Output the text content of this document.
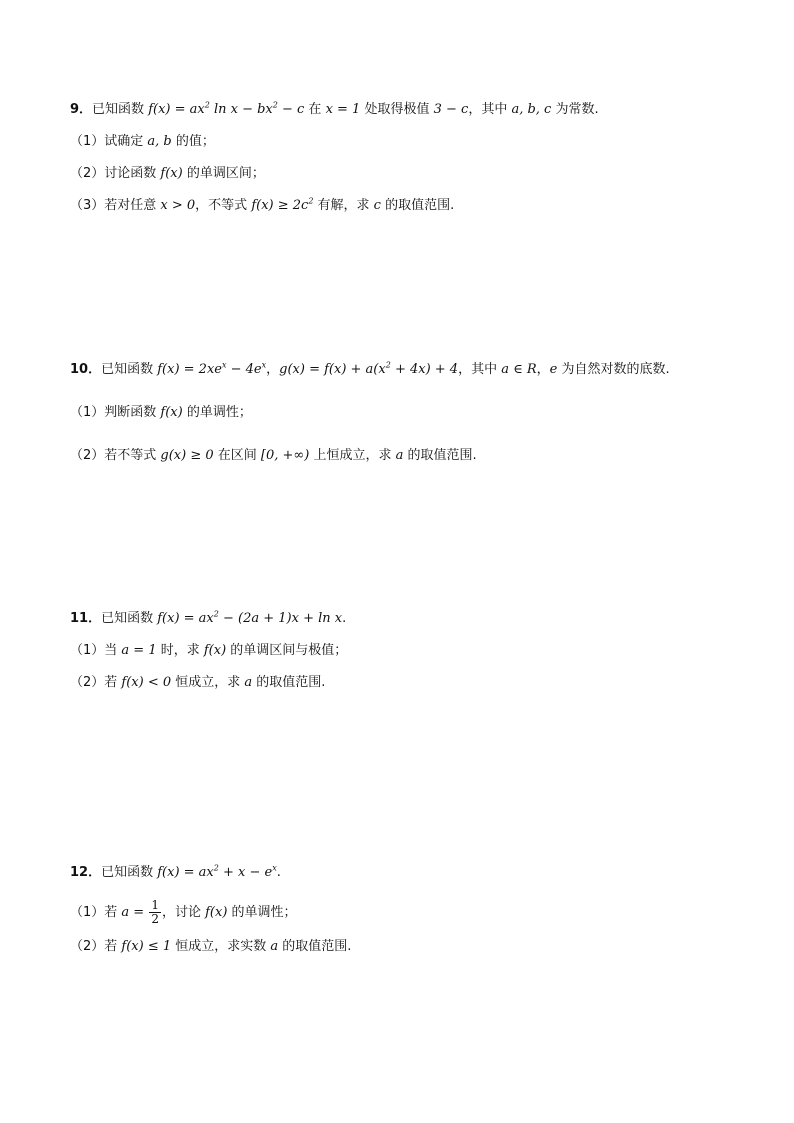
9．已知函数 $f(x) = ax^2$ $\ln x - bx^2 - c$ 在 x = 1 处取得极值 3 − c，其中 a, b, c 为常数.
（1）试确定 a, b 的值；
（2）讨论函数 f(x) 的单调区间；
（3）若对任意 x > 0，不等式 $f(x) \ge 2c^2$ 有解，求 c 的取值范围.
10．已知函数 $f(x) = 2xe^x - 4e^x$，$g(x) = f(x) + a(x^2 + 4x) + 4$，其中 a ∈ R，e 为自然对数的底数.
（1）判断函数 f(x) 的单调性；
（2）若不等式 g(x) ≥ 0 在区间 [0, +∞) 上恒成立，求 a 的取值范围.
11．已知函数 $f(x) = ax^2 - (2a + 1)x + \ln x$.
（1）当 a = 1 时，求 f(x) 的单调区间与极值；
（2）若 f(x) < 0 恒成立，求 a 的取值范围.
12．已知函数 $f(x) = ax^2 + x - e^x$.
（1）若 $a = \frac{1}{2}$ ，讨论 f(x) 的单调性；
（2）若 f(x) ≤ 1 恒成立，求实数 a 的取值范围.
